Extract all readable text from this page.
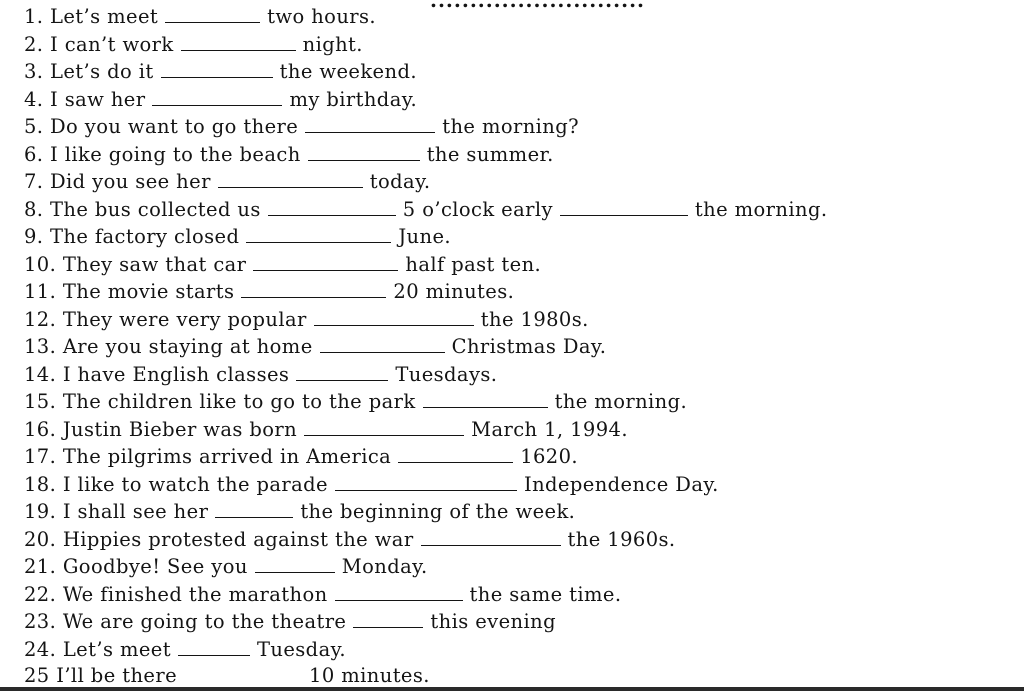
...........................
1. Let’s meet	two hours.
2. I can’t work	night.
3. Let’s do it	the weekend.
4. I saw her	my birthday.
5. Do you want to go there	the morning?
6. I like going to the beach	the summer.
7. Did you see her	today.
8. The bus collected us	5 o’clock early	the morning.
9. The factory closed	June.
10. They saw that car	half past ten.
11. The movie starts	20 minutes.
12. They were very popular	the 1980s.
13. Are you staying at home	Christmas Day.
14. I have English classes	Tuesdays.
15. The children like to go to the park	the morning.
16. Justin Bieber was born	March 1, 1994.
17. The pilgrims arrived in America	1620.
18. I like to watch the parade	Independence Day.
19. I shall see her	the beginning of the week.
20. Hippies protested against the war	the 1960s.
21. Goodbye! See you	Monday.
22. We finished the marathon	the same time.
23. We are going to the theatre	this evening
24. Let’s meet	Tuesday.
25 I’ll be there	10 minutes.
